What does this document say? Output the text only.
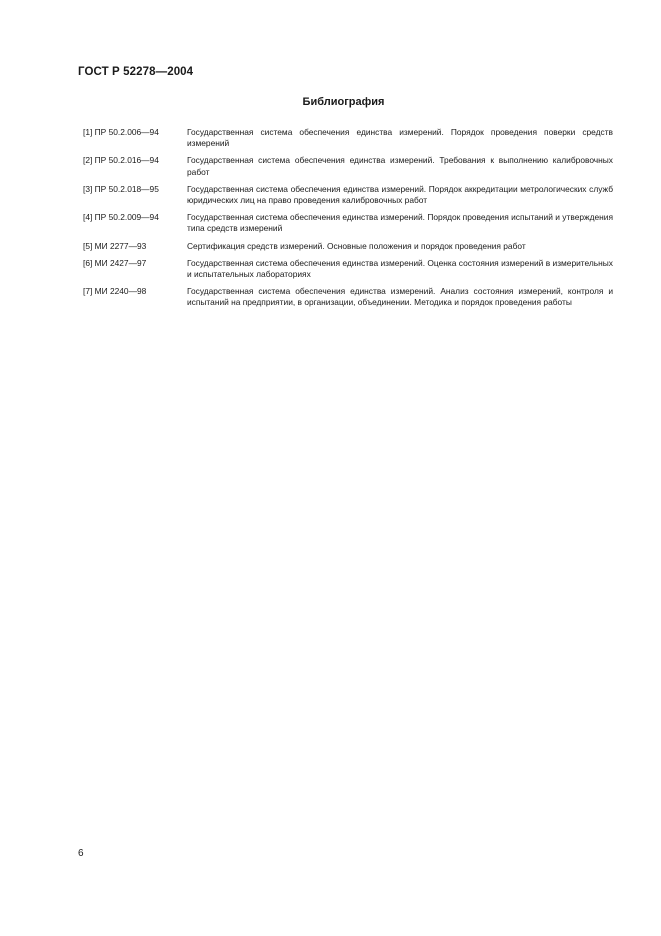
ГОСТ Р 52278—2004
Библиография
[1] ПР 50.2.006—94	Государственная система обеспечения единства измерений. Порядок проведения поверки средств измерений
[2] ПР 50.2.016—94	Государственная система обеспечения единства измерений. Требования к выполнению калибровочных работ
[3] ПР 50.2.018—95	Государственная система обеспечения единства измерений. Порядок аккредитации метрологических служб юридических лиц на право проведения калибровочных работ
[4] ПР 50.2.009—94	Государственная система обеспечения единства измерений. Порядок проведения испытаний и утверждения типа средств измерений
[5] МИ 2277—93	Сертификация средств измерений. Основные положения и порядок проведения работ
[6] МИ 2427—97	Государственная система обеспечения единства измерений. Оценка состояния измерений в измерительных и испытательных лабораториях
[7] МИ 2240—98	Государственная система обеспечения единства измерений. Анализ состояния измерений, контроля и испытаний на предприятии, в организации, объединении. Методика и порядок проведения работы
6
